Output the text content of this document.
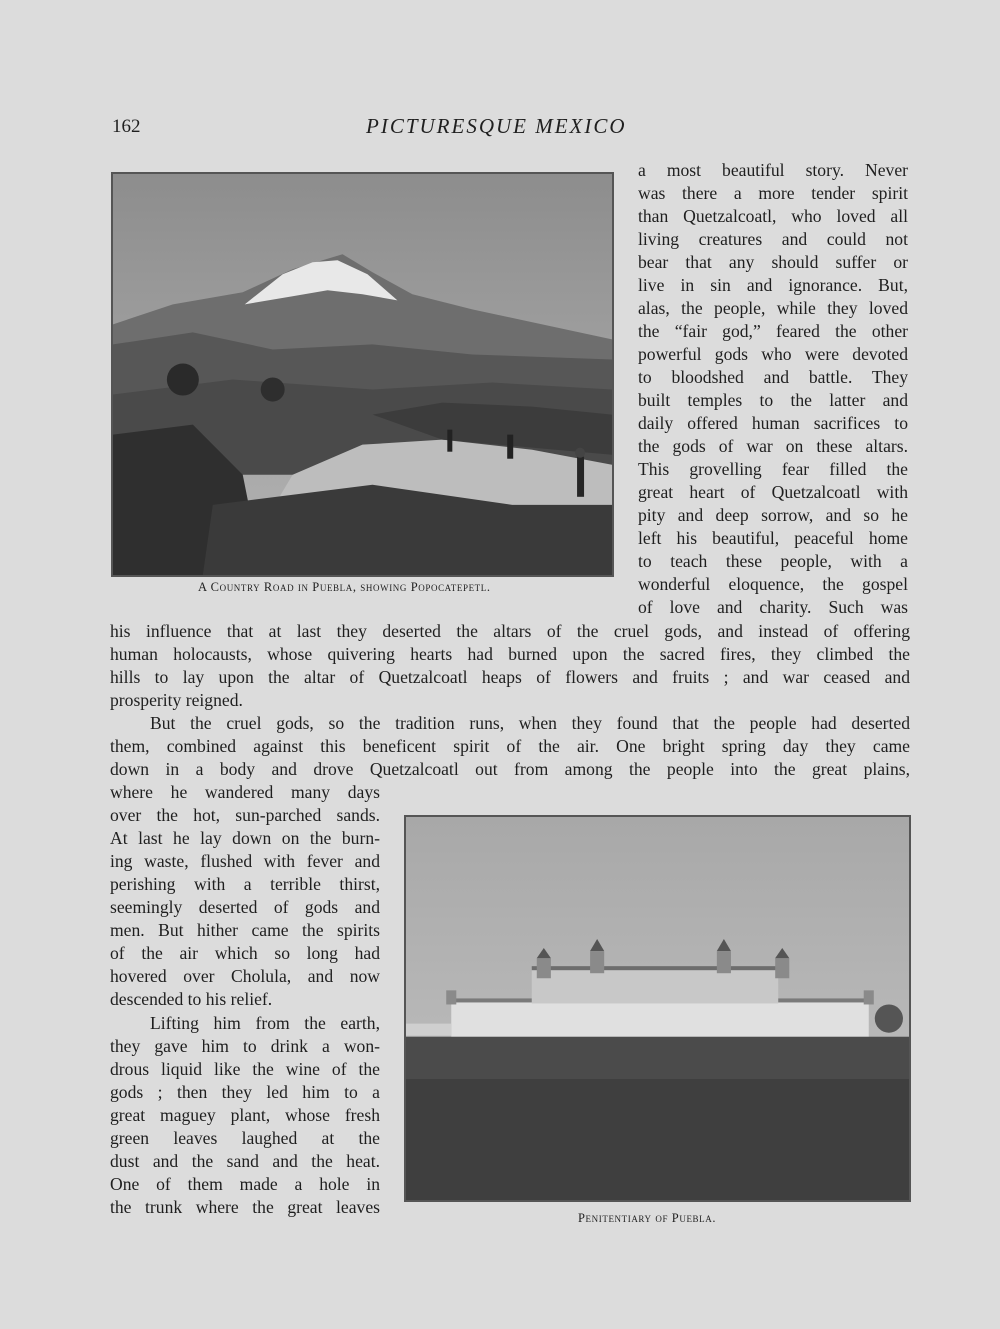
162	PICTURESQUE MEXICO
A Country Road in Puebla, showing Popocatepetl.
Penitentiary of Puebla.
a most beautiful story. Never
was there a more tender spirit
than Quetzalcoatl, who loved all
living creatures and could not
bear that any should suffer or
live in sin and ignorance. But,
alas, the people, while they loved
the “fair god,” feared the other
powerful gods who were devoted
to bloodshed and battle. They
built temples to the latter and
daily offered human sacrifices to
the gods of war on these altars.
This grovelling fear filled the
great heart of Quetzalcoatl with
pity and deep sorrow, and so he
left his beautiful, peaceful home
to teach these people, with a
wonderful eloquence, the gospel
of love and charity. Such was
his influence that at last they deserted the altars of the cruel gods, and instead of offering
human holocausts, whose quivering hearts had burned upon the sacred fires, they climbed the
hills to lay upon the altar of Quetzalcoatl heaps of flowers and fruits ; and war ceased and
prosperity reigned.
But the cruel gods, so the tradition runs, when they found that the people had deserted
them, combined against this beneficent spirit of the air. One bright spring day they came
down in a body and drove Quetzalcoatl out from among the people into the great plains,
where he wandered many days
over the hot, sun-parched sands.
At last he lay down on the burn-
ing waste, flushed with fever and
perishing with a terrible thirst,
seemingly deserted of gods and
men. But hither came the spirits
of the air which so long had
hovered over Cholula, and now
descended to his relief.
Lifting him from the earth,
they gave him to drink a won-
drous liquid like the wine of the
gods ; then they led him to a
great maguey plant, whose fresh
green leaves laughed at the
dust and the sand and the heat.
One of them made a hole in
the trunk where the great leaves
